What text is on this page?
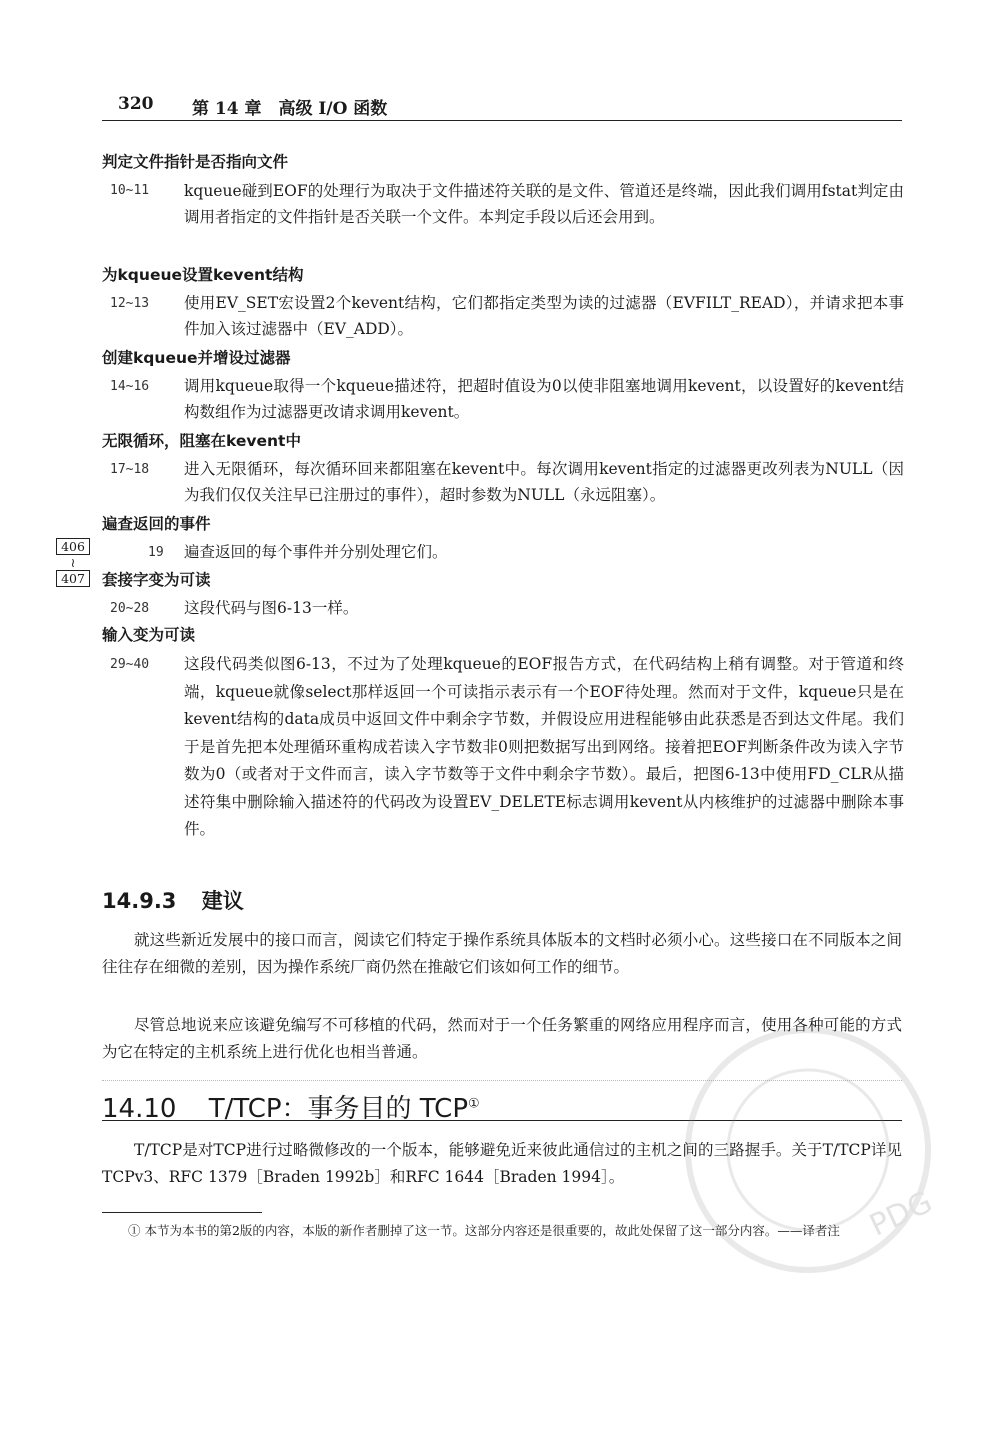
320 第 14 章　高级 I/O 函数
判定文件指针是否指向文件
10~11 kqueue碰到EOF的处理行为取决于文件描述符关联的是文件、管道还是终端，因此我们调用fstat判定由调用者指定的文件指针是否关联一个文件。本判定手段以后还会用到。
为kqueue设置kevent结构
12~13 使用EV_SET宏设置2个kevent结构，它们都指定类型为读的过滤器（EVFILT_READ），并请求把本事件加入该过滤器中（EV_ADD）。
创建kqueue并增设过滤器
14~16 调用kqueue取得一个kqueue描述符，把超时值设为0以使非阻塞地调用kevent，以设置好的kevent结构数组作为过滤器更改请求调用kevent。
无限循环，阻塞在kevent中
17~18 进入无限循环，每次循环回来都阻塞在kevent中。每次调用kevent指定的过滤器更改列表为NULL（因为我们仅仅关注早已注册过的事件），超时参数为NULL（永远阻塞）。
遍查返回的事件
19 遍查返回的每个事件并分别处理它们。
406
≀
407	套接字变为可读
20~28 这段代码与图6-13一样。
输入变为可读
29~40 这段代码类似图6-13，不过为了处理kqueue的EOF报告方式，在代码结构上稍有调整。对于管道和终端，kqueue就像select那样返回一个可读指示表示有一个EOF待处理。然而对于文件，kqueue只是在kevent结构的data成员中返回文件中剩余字节数，并假设应用进程能够由此获悉是否到达文件尾。我们于是首先把本处理循环重构成若读入字节数非0则把数据写出到网络。接着把EOF判断条件改为读入字节数为0（或者对于文件而言，读入字节数等于文件中剩余字节数）。最后，把图6-13中使用FD_CLR从描述符集中删除输入描述符的代码改为设置EV_DELETE标志调用kevent从内核维护的过滤器中删除本事件。
14.9.3 建议
就这些新近发展中的接口而言，阅读它们特定于操作系统具体版本的文档时必须小心。这些接口在不同版本之间往往存在细微的差别，因为操作系统厂商仍然在推敲它们该如何工作的细节。
尽管总地说来应该避免编写不可移植的代码，然而对于一个任务繁重的网络应用程序而言，使用各种可能的方式为它在特定的主机系统上进行优化也相当普通。
14.10 T/TCP：事务目的 TCP①
T/TCP是对TCP进行过略微修改的一个版本，能够避免近来彼此通信过的主机之间的三路握手。关于T/TCP详见TCPv3、RFC 1379［Braden 1992b］和RFC 1644［Braden 1994］。
① 本节为本书的第2版的内容，本版的新作者删掉了这一节。这部分内容还是很重要的，故此处保留了这一部分内容。——译者注 PDG
